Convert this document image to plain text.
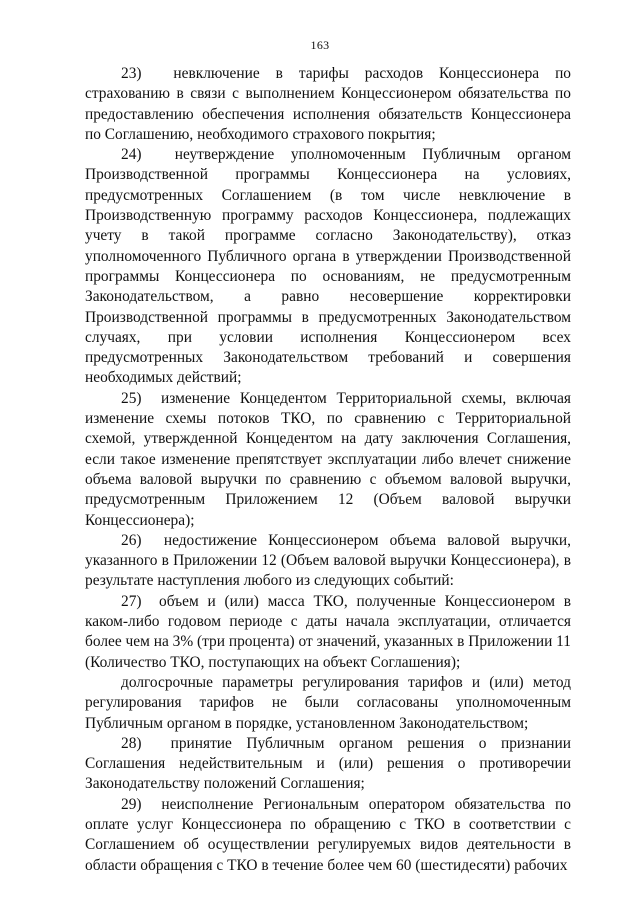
163

23)  невключение в тарифы расходов Концессионера по страхованию в связи с выполнением Концессионером обязательства по предоставлению обеспечения исполнения обязательств Концессионера по Соглашению, необходимого страхового покрытия;

24)  неутверждение уполномоченным Публичным органом Производственной программы Концессионера на условиях, предусмотренных Соглашением (в том числе невключение в Производственную программу расходов Концессионера, подлежащих учету в такой программе согласно Законодательству), отказ уполномоченного Публичного органа в утверждении Производственной программы Концессионера по основаниям, не предусмотренным Законодательством, а равно несовершение корректировки Производственной программы в предусмотренных Законодательством случаях, при условии исполнения Концессионером всех предусмотренных Законодательством требований и совершения необходимых действий;

25)  изменение Концедентом Территориальной схемы, включая изменение схемы потоков ТКО, по сравнению с Территориальной схемой, утвержденной Концедентом на дату заключения Соглашения, если такое изменение препятствует эксплуатации либо влечет снижение объема валовой выручки по сравнению с объемом валовой выручки, предусмотренным Приложением 12 (Объем валовой выручки Концессионера);

26)  недостижение Концессионером объема валовой выручки, указанного в Приложении 12 (Объем валовой выручки Концессионера), в результате наступления любого из следующих событий:

27)  объем и (или) масса ТКО, полученные Концессионером в каком-либо годовом периоде с даты начала эксплуатации, отличается более чем на 3% (три процента) от значений, указанных в Приложении 11 (Количество ТКО, поступающих на объект Соглашения);

долгосрочные параметры регулирования тарифов и (или) метод регулирования тарифов не были согласованы уполномоченным Публичным органом в порядке, установленном Законодательством;

28)  принятие Публичным органом решения о признании Соглашения недействительным и (или) решения о противоречии Законодательству положений Соглашения;

29)  неисполнение Региональным оператором обязательства по оплате услуг Концессионера по обращению с ТКО в соответствии с Соглашением об осуществлении регулируемых видов деятельности в области обращения с ТКО в течение более чем 60 (шестидесяти) рабочих
